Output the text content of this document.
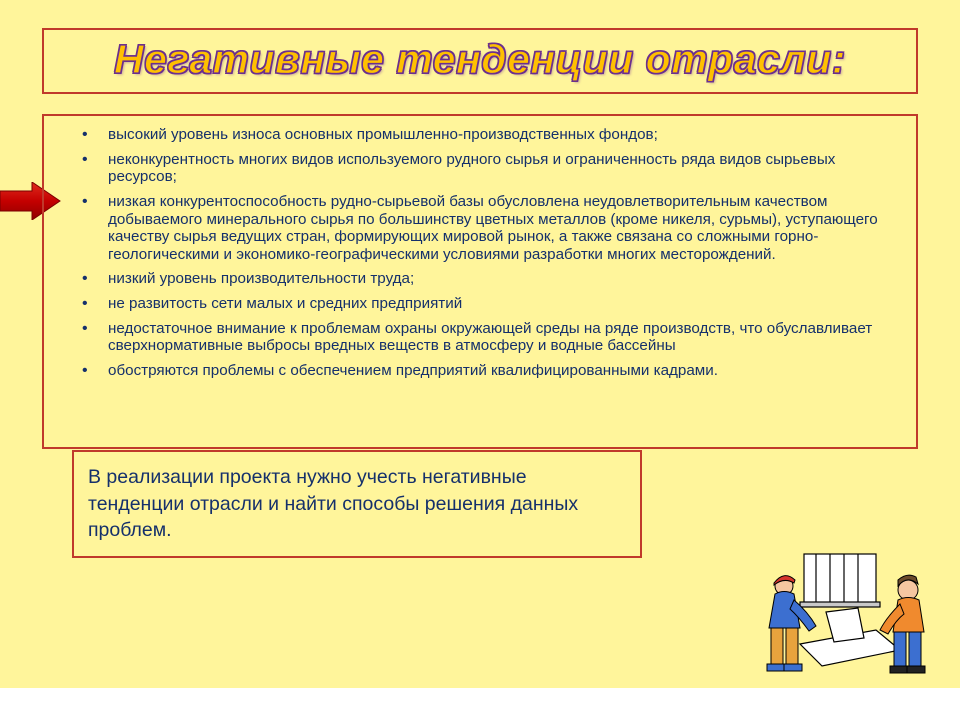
Негативные тенденции отрасли:
• высокий уровень износа основных промышленно-производственных фондов;
• неконкурентность многих видов используемого рудного сырья и ограниченность ряда видов сырьевых ресурсов;
• низкая конкурентоспособность рудно-сырьевой базы обусловлена неудовлетворительным качеством добываемого минерального сырья по большинству цветных металлов (кроме никеля, сурьмы), уступающего качеству сырья ведущих стран, формирующих мировой рынок, а также связана со сложными горно-геологическими и экономико-географическими условиями разработки многих месторождений.
• низкий уровень производительности труда;
• не развитость сети малых и средних предприятий
• недостаточное внимание к проблемам охраны окружающей среды на ряде производств, что обуславливает сверхнормативные выбросы вредных веществ в атмосферу и водные бассейны
• обостряются проблемы с обеспечением предприятий квалифицированными кадрами.
В реализации проекта нужно учесть негативные тенденции отрасли и найти способы решения данных проблем.
